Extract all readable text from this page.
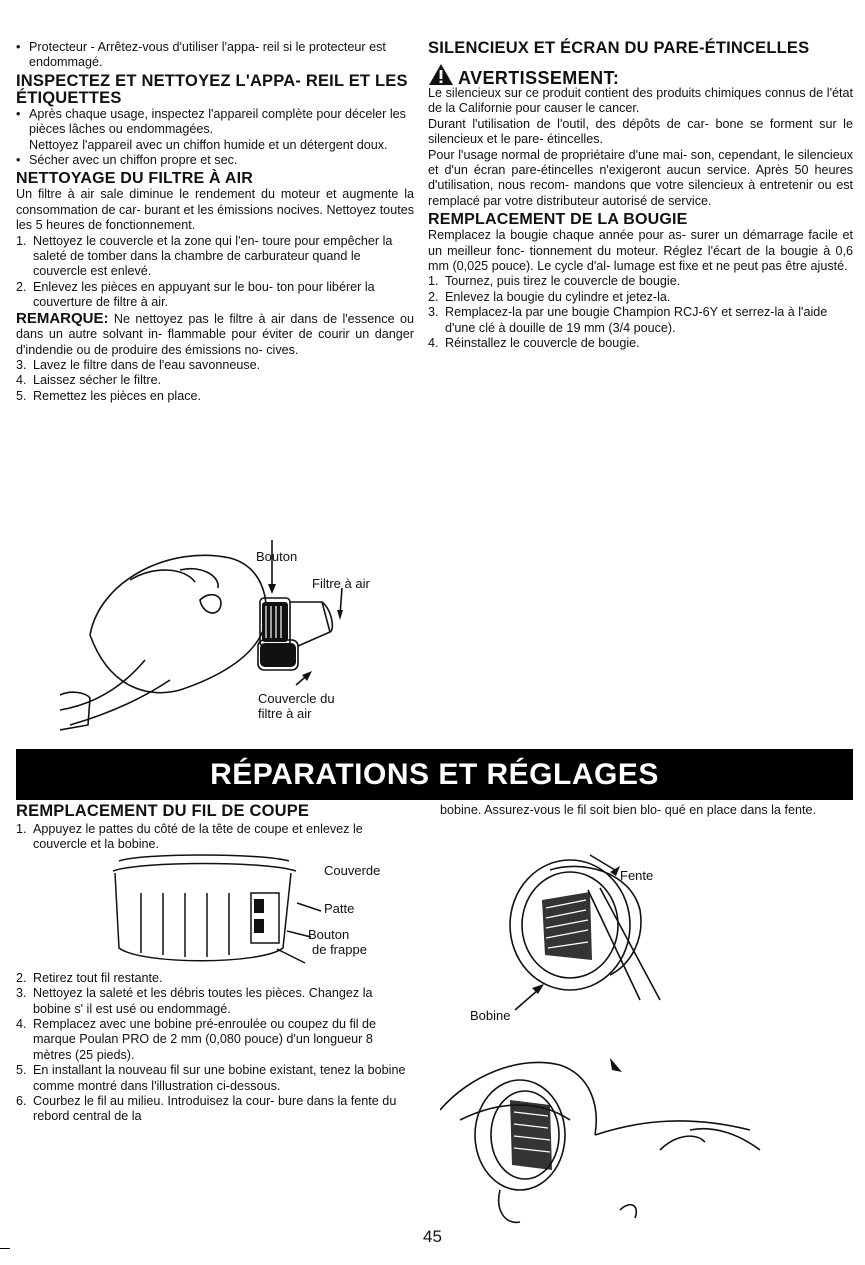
• Protecteur - Arrêtez-vous d'utiliser l'appa- reil si le protecteur est endommagé.
INSPECTEZ ET NETTOYEZ L'APPA- REIL ET LES ÉTIQUETTES
• Après chaque usage, inspectez l'appareil complète pour déceler les pièces lâches ou endommagées.
Nettoyez l'appareil avec un chiffon humide et un détergent doux.
• Sécher avec un chiffon propre et sec.
NETTOYAGE DU FILTRE À AIR
Un filtre à air sale diminue le rendement du moteur et augmente la consommation de car- burant et les émissions nocives. Nettoyez toutes les 5 heures de fonctionnement.
1. Nettoyez le couvercle et la zone qui l'en- toure pour empêcher la saleté de tomber dans la chambre de carburateur quand le couvercle est enlevé.
2. Enlevez les pièces en appuyant sur le bou- ton pour libérer la couverture de filtre à air.
REMARQUE: Ne nettoyez pas le filtre à air dans de l'essence ou dans un autre solvant in- flammable pour éviter de courir un danger d'indendie ou de produire des émissions no- cives.
3. Lavez le filtre dans de l'eau savonneuse.
4. Laissez sécher le filtre.
5. Remettez les pièces en place.
Bouton
Filtre à air
Couvercle du
filtre à air
SILENCIEUX ET ÉCRAN DU PARE-ÉTINCELLES
AVERTISSEMENT:
Le silencieux sur ce produit contient des produits chimiques connus de l'état de la Californie pour causer le cancer.
Durant l'utilisation de l'outil, des dépôts de car- bone se forment sur le silencieux et le pare- étincelles.
Pour l'usage normal de propriétaire d'une mai- son, cependant, le silencieux et d'un écran pare-étincelles n'exigeront aucun service. Après 50 heures d'utilisation, nous recom- mandons que votre silencieux à entretenir ou est remplacé par votre distributeur autorisé de service.
REMPLACEMENT DE LA BOUGIE
Remplacez la bougie chaque année pour as- surer un démarrage facile et un meilleur fonc- tionnement du moteur. Réglez l'écart de la bougie à 0,6 mm (0,025 pouce). Le cycle d'al- lumage est fixe et ne peut pas être ajusté.
1. Tournez, puis tirez le couvercle de bougie.
2. Enlevez la bougie du cylindre et jetez-la.
3. Remplacez-la par une bougie Champion RCJ-6Y et serrez-la à l'aide d'une clé à douille de 19 mm (3/4 pouce).
4. Réinstallez le couvercle de bougie.
RÉPARATIONS ET RÉGLAGES
REMPLACEMENT DU FIL DE COUPE
1. Appuyez le pattes du côté de la tête de coupe et enlevez le couvercle et la bobine.
Couverde
Patte
Bouton
de frappe
2. Retirez tout fil restante.
3. Nettoyez la saleté et les débris toutes les pièces. Changez la bobine s' il est usé ou endommagé.
4. Remplacez avec une bobine pré-enroulée ou coupez du fil de marque Poulan PRO de 2 mm (0,080 pouce) d'un longueur 8 mètres (25 pieds).
5. En installant la nouveau fil sur une bobine existant, tenez la bobine comme montré dans l'illustration ci-dessous.
6. Courbez le fil au milieu. Introduisez la cour- bure dans la fente du rebord central de la
bobine. Assurez-vous le fil soit bien blo- qué en place dans la fente.
Fente
Bobine
45
